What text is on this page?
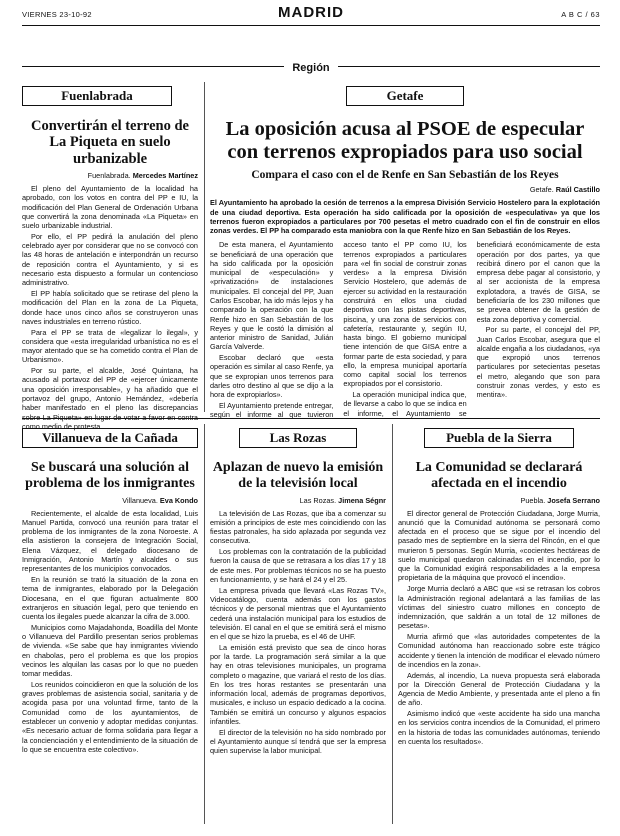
VIERNES 23-10-92	MADRID	A B C / 63
Región
Fuenlabrada
Convertirán el terreno de La Piqueta en suelo urbanizable
Fuenlabrada. Mercedes Martínez

El pleno del Ayuntamiento de la localidad ha aprobado, con los votos en contra del PP e IU, la modificación del Plan General de Ordenación Urbana que convertirá la zona denominada «La Piqueta» en suelo urbanizable industrial.

Por ello, el PP pedirá la anulación del pleno celebrado ayer por considerar que no se convocó con las 48 horas de antelación e interpondrán un recurso de reposición contra el Ayuntamiento, y si es necesario esta dispuesto a formular un contencioso administrativo.

El PP había solicitado que se retirase del pleno la modificación del Plan en la zona de La Piqueta, donde hace unos cinco años se construyeron unas naves industriales en terreno rústico.

Para el PP se trata de «legalizar lo ilegal», y considera que «esta irregularidad urbanística no es el mayor atentado que se ha cometido contra el Plan de Urbanismo».

Por su parte, el alcalde, José Quintana, ha acusado al portavoz del PP de «ejercer únicamente una oposición irresponsable», y ha añadido que el portavoz del grupo, Antonio Hernández, «debería haber manifestado en el pleno las discrepancias sobre La Piqueta» en lugar de votar a favor en contra como medio de protesta.

Getafe
La oposición acusa al PSOE de especular con terrenos expropiados para uso social
Compara el caso con el de Renfe en San Sebastián de los Reyes
Getafe. Raúl Castillo

El Ayuntamiento ha aprobado la cesión de terrenos a la empresa División Servicio Hostelero para la explotación de una ciudad deportiva. Esta operación ha sido calificada por la oposición de «especulativa» ya que los terrenos fueron expropiados a particulares por 700 pesetas el metro cuadrado con el fin de construir en ellos zonas verdes. El PP ha comparado esta maniobra con la que Renfe hizo en San Sebastián de los Reyes.

De esta manera, el Ayuntamiento se beneficiará de una operación que ha sido calificada por la oposición municipal de «especulación» y «privatización» de instalaciones municipales. El concejal del PP, Juan Carlos Escobar, ha ido más lejos y ha comparado la operación con la que Renfe hizo en San Sebastián de los Reyes y que le costó la dimisión al anterior ministro de Sanidad, Julián García Valverde.

Escobar declaró que «esta operación es similar al caso Renfe, ya que se expropian unos terrenos para darles otro destino al que se dijo a la hora de expropiarlos».

El Ayuntamiento pretende entregar, según el informe al que tuvieron acceso tanto el PP como IU, los terrenos expropiados a particulares para «el fin social de construir zonas verdes» a la empresa División Servicio Hostelero, que además de ejercer su actividad en la restauración construirá en ellos una ciudad deportiva con las pistas deportivas, piscina, y una zona de servicios con cafetería, restaurante y, según IU, hasta bingo. El gobierno municipal tiene intención de que GISA entre a formar parte de esta sociedad, y para ello, la empresa municipal aportaría como capital social los terrenos expropiados por el consistorio.

La operación municipal indica que, de llevarse a cabo lo que se indica en el informe, el Ayuntamiento se beneficiará económicamente de esta operación por dos partes, ya que recibirá dinero por el canon que la empresa debe pagar al consistorio, y al ser accionista de la empresa explotadora, a través de GISA, se beneficiaría de los 230 millones que se prevea obtener de la gestión de esta zona deportiva y comercial.

Por su parte, el concejal del PP, Juan Carlos Escobar, asegura que el alcalde engaña a los ciudadanos, «ya que expropió unos terrenos particulares por setecientas pesetas el metro, alegando que son para construir zonas verdes, y esto es mentira».

Villanueva de la Cañada
Se buscará una solución al problema de los inmigrantes
Villanueva. Eva Kondo

Recientemente, el alcalde de esta localidad, Luis Manuel Partida, convocó una reunión para tratar el problema de los inmigrantes de la zona Noroeste. A ella asistieron la consejera de Integración Social, Elena Vázquez, el delegado diocesano de Inmigración, Antonio Martín y alcaldes o sus representantes de los municipios convocados.

En la reunión se trató la situación de la zona en tema de inmigrantes, elaborado por la Delegación Diocesana, en el que figuran actualmente 800 extranjeros en situación legal, pero que teniendo en cuenta los ilegales puede alcanzar la cifra de 3.000.

Municipios como Majadahonda, Boadilla del Monte o Villanueva del Pardillo presentan serios problemas de vivienda. «Se sabe que hay inmigrantes viviendo en chabolas, pero el problema es que los propios vecinos les alquilan las casas por lo que no pueden tomar medidas.

Los reunidos coincidieron en que la solución de los graves problemas de asistencia social, sanitaria y de acogida pasa por una voluntad firme, tanto de la Comunidad como de los ayuntamientos, de establecer un convenio y adoptar medidas conjuntas. «Es necesario actuar de forma solidaria para llegar a la concienciación y el entendimiento de la situación de lo que se encuentra este colectivo».

Las Rozas
Aplazan de nuevo la emisión de la televisión local
Las Rozas. Jimena Ségnr

La televisión de Las Rozas, que iba a comenzar su emisión a principios de este mes coincidiendo con las fiestas patronales, ha sido aplazada por segunda vez consecutiva.

Los problemas con la contratación de la publicidad fueron la causa de que se retrasara a los días 17 y 18 de este mes. Por problemas técnicos no se ha puesto en funcionamiento, y se hará el 24 y el 25.

La empresa privada que llevará «Las Rozas TV», Videocatálogo, cuenta además con los gastos técnicos y de personal mientras que el Ayuntamiento cederá una instalación municipal para los estudios de televisión. El canal en el que se emitirá será el mismo en el que se hizo la prueba, es el 46 de UHF.

La emisión está previsto que sea de cinco horas por la tarde. La programación será similar a la que hay en otras televisiones municipales, un programa completo o magazine, que variará el resto de los días. En los tres horas restantes se presentarán una información local, además de programas deportivos, musicales, e incluso un espacio dedicado a la cocina. También se emitirá un concurso y algunos espacios infantiles.

El director de la televisión no ha sido nombrado por el Ayuntamiento aunque sí tendrá que ser la empresa quien supervise la labor municipal.

Puebla de la Sierra
La Comunidad se declarará afectada en el incendio
Puebla. Josefa Serrano

El director general de Protección Ciudadana, Jorge Murria, anunció que la Comunidad autónoma se personará como afectada en el proceso que se sigue por el incendio del pasado mes de septiembre en la sierra del Rincón, en el que murieron 5 personas. Según Murria, «cocientes hectáreas de suelo municipal quedaron calcinadas en el incendio, por lo que la Comunidad exigirá responsabilidades a la empresa propietaria de la máquina que provocó el incendio».

Jorge Murria declaró a ABC que «si se retrasan los cobros la Administración regional adelantará a las familias de las víctimas del siniestro cuatro millones en concepto de indemnización, que saldrán a un total de 12 millones de pesetas».

Murria afirmó que «las autoridades competentes de la Comunidad autónoma han reaccionado sobre este trágico accidente y tienen la intención de modificar el elevado número de incendios en la zona».

Además, al incendio, La nueva propuesta será elaborada por la Dirección General de Protección Ciudadana y la Agencia de Medio Ambiente, y presentada ante el pleno a fin de año.

Asimismo indicó que «este accidente ha sido una mancha en los servicios contra incendios de la Comunidad, el primero en la historia de todas las comunidades autónomas, teniendo en cuenta los resultados».
